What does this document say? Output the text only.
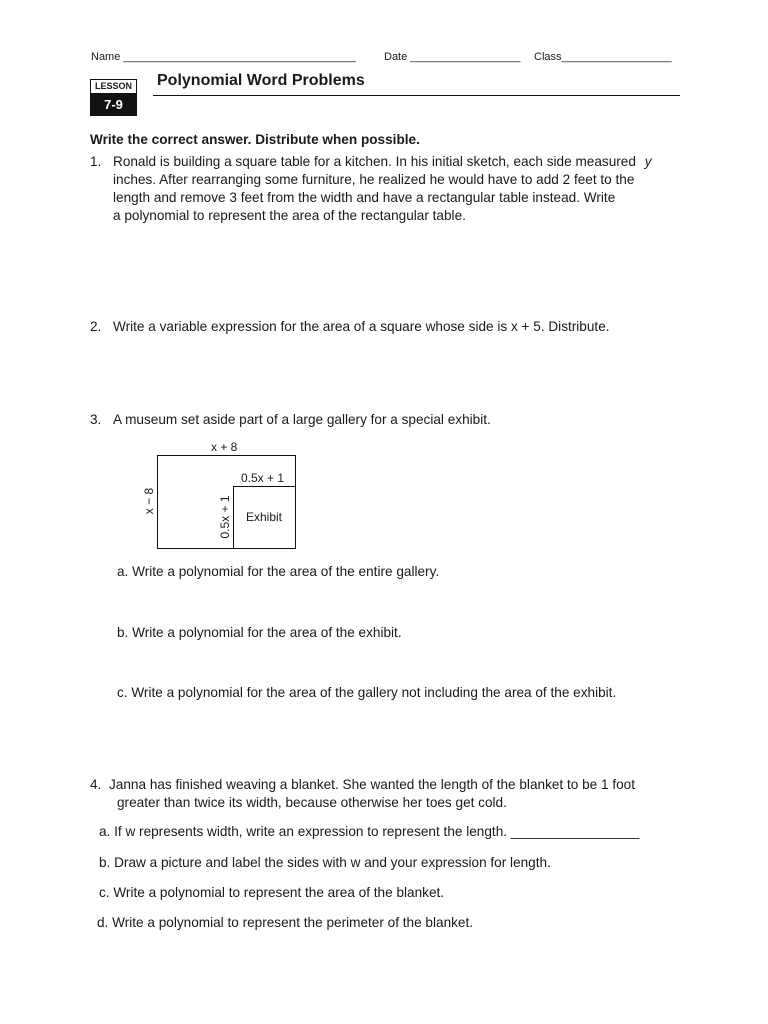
Name ______________________________________	Date __________________ Class__________________
LESSON
7-9
Polynomial Word Problems
Write the correct answer. Distribute when possible.
1. Ronald is building a square table for a kitchen. In his initial sketch, each side measured y
inches. After rearranging some furniture, he realized he would have to add 2 feet to the
length and remove 3 feet from the width and have a rectangular table instead. Write
a polynomial to represent the area of the rectangular table.
2. Write a variable expression for the area of a square whose side is x + 5. Distribute.
3. A museum set aside part of a large gallery for a special exhibit.
x + 8
x − 8
0.5x + 1
0.5x + 1 Exhibit
a. Write a polynomial for the area of the entire gallery.
b. Write a polynomial for the area of the exhibit.
c. Write a polynomial for the area of the gallery not including the area of the exhibit.
4. Janna has finished weaving a blanket. She wanted the length of the blanket to be 1 foot
greater than twice its width, because otherwise her toes get cold.
a. If w represents width, write an expression to represent the length. _________________
b. Draw a picture and label the sides with w and your expression for length.
c. Write a polynomial to represent the area of the blanket.
d. Write a polynomial to represent the perimeter of the blanket.
